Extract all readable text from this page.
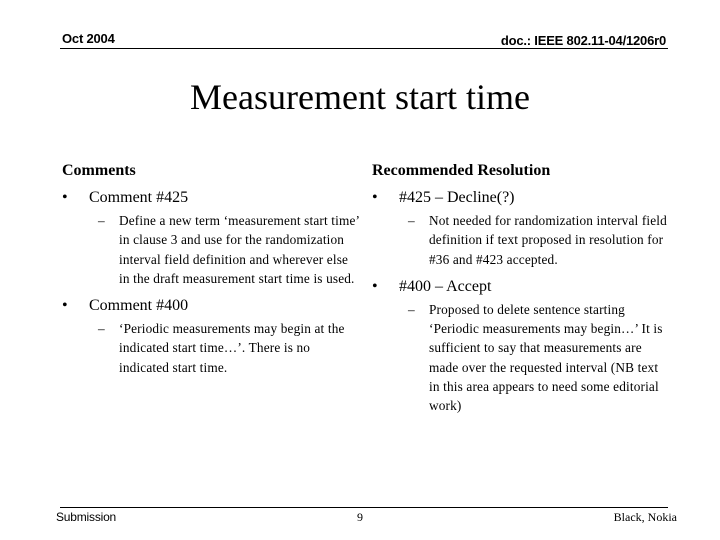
Oct 2004	doc.: IEEE 802.11-04/1206r0
Measurement start time
Comments
• Comment #425
– Define a new term ‘measurement start time’ in clause 3 and use for the randomization interval field definition and wherever else in the draft measurement start time is used.
• Comment #400
– ‘Periodic measurements may begin at the indicated start time…’. There is no indicated start time.
Recommended Resolution
• #425 – Decline(?)
– Not needed for randomization interval field definition if text proposed in resolution for #36 and #423 accepted.
• #400 – Accept
– Proposed to delete sentence starting ‘Periodic measurements may begin…’ It is sufficient to say that measurements are made over the requested interval (NB text in this area appears to need some editorial work)
Submission	9	Black, Nokia
